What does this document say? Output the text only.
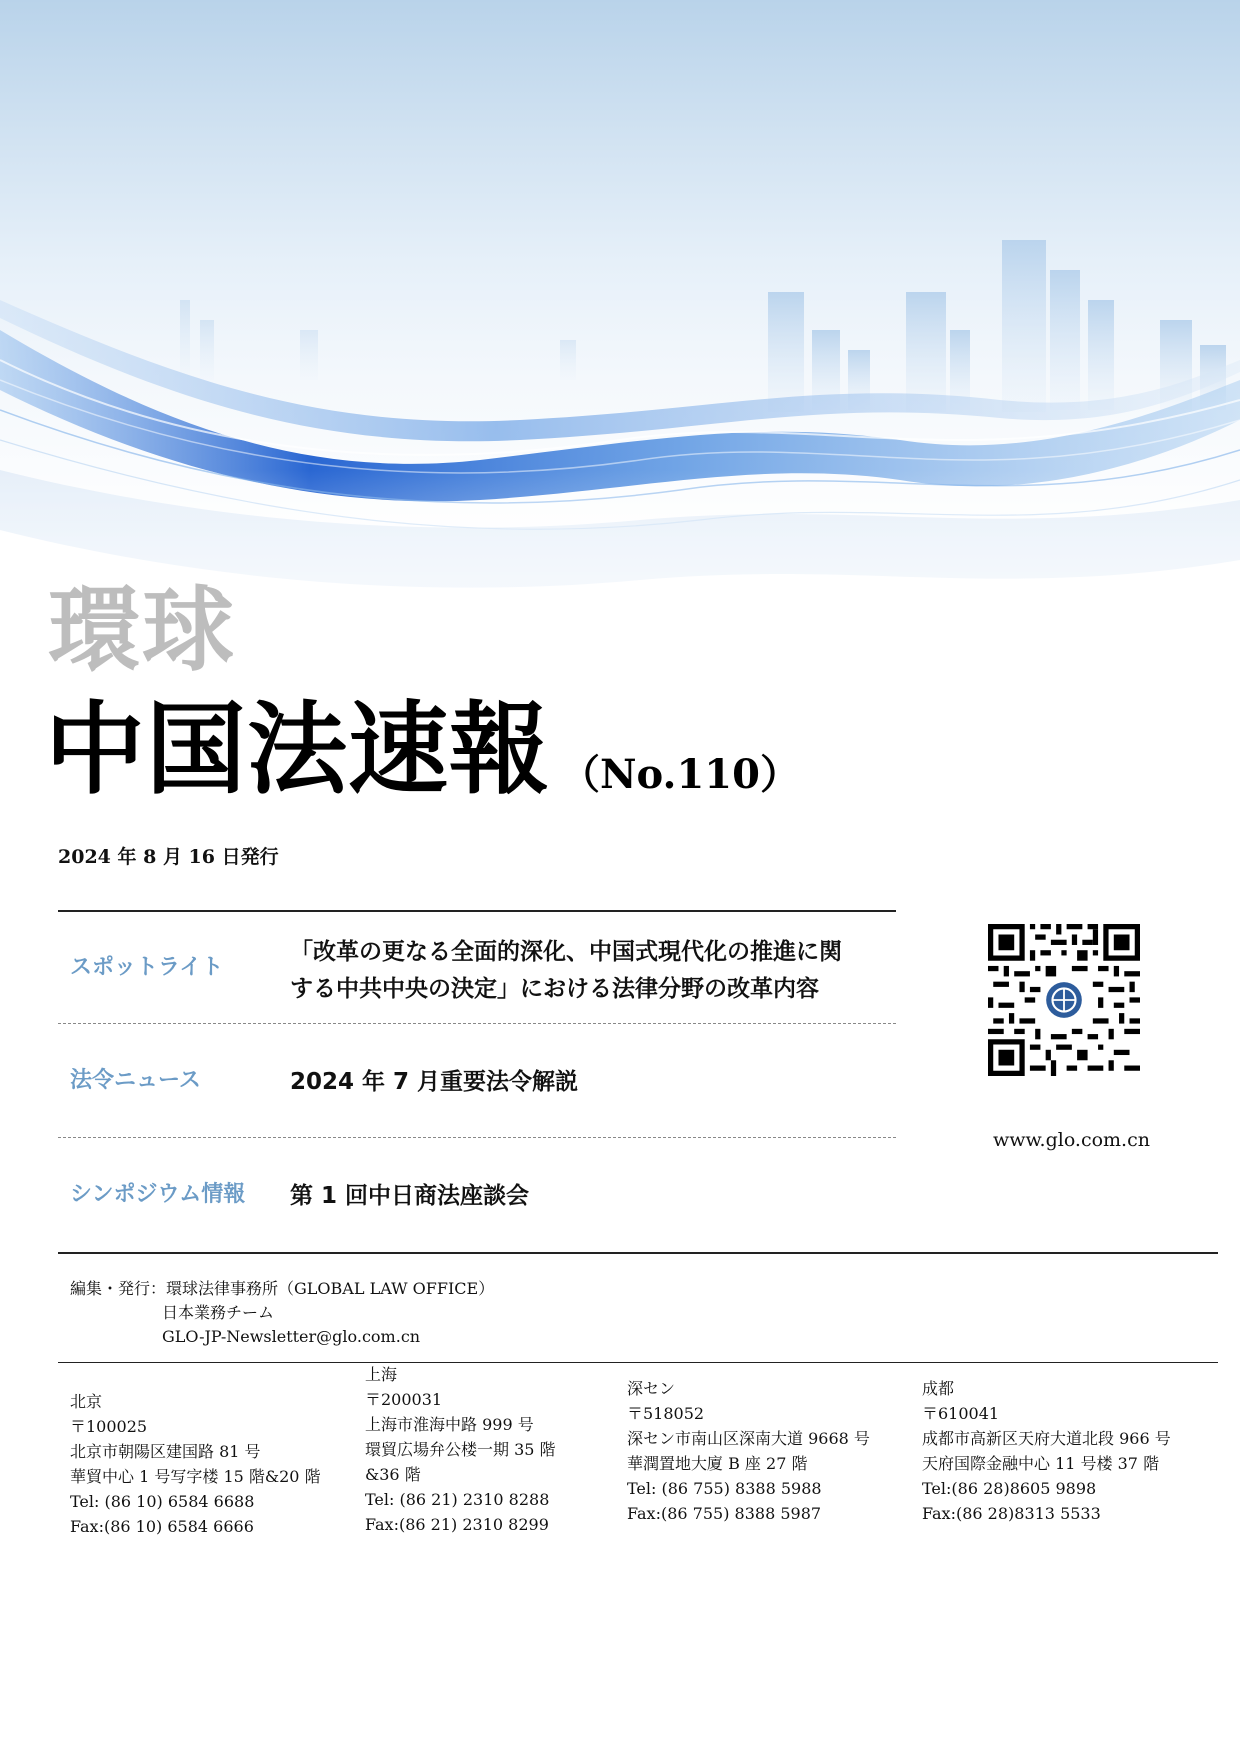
環球
中国法速報 （No.110）
2024 年 8 月 16 日発行
スポットライト
「改革の更なる全面的深化、中国式現代化の推進に関
する中共中央の決定」における法律分野の改革内容
法令ニュース	2024 年 7 月重要法令解説
シンポジウム情報 第 1 回中日商法座談会
www.glo.com.cn
編集・発行：環球法律事務所（GLOBAL LAW OFFICE）
日本業務チーム
GLO-JP-Newsletter@glo.com.cn
北京
〒100025
北京市朝陽区建国路 81 号
華貿中心 1 号写字楼 15 階&20 階
Tel: (86 10) 6584 6688
Fax:(86 10) 6584 6666
上海
〒200031
上海市淮海中路 999 号
環貿広場弁公楼一期 35 階
&36 階
Tel: (86 21) 2310 8288
Fax:(86 21) 2310 8299
深セン
〒518052
深セン市南山区深南大道 9668 号
華潤置地大廈 B 座 27 階
Tel: (86 755) 8388 5988
Fax:(86 755) 8388 5987
成都
〒610041
成都市高新区天府大道北段 966 号
天府国際金融中心 11 号楼 37 階
Tel:(86 28)8605 9898
Fax:(86 28)8313 5533
